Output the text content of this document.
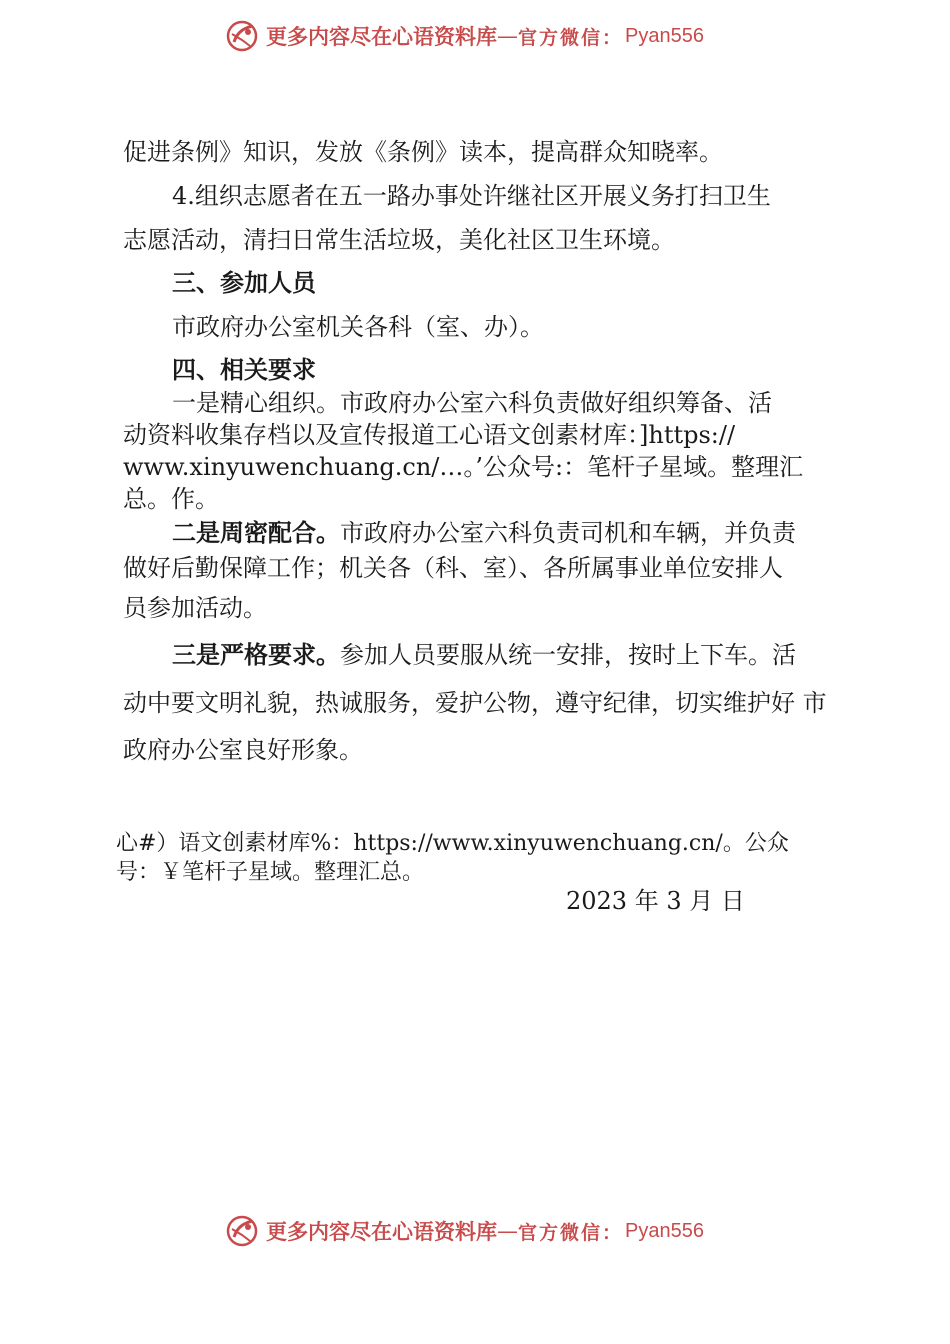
更多内容尽在心语资料库 — 官方微信： Pyan556
促进条例》知识，发放《条例》读本，提高群众知晓率。
4.组织志愿者在五一路办事处许继社区开展义务打扫卫生
志愿活动，清扫日常生活垃圾，美化社区卫生环境。
三、参加人员
市政府办公室机关各科（室、办）。
四、相关要求
一是精心组织。市政府办公室六科负责做好组织筹备、活
动资料收集存档以及宣传报道工心语文创素材库：]https://
www.xinyuwenchuang.cn/…。’公众号:：笔杆子星域。整理汇
总。作。
二是周密配合。市政府办公室六科负责司机和车辆，并负责
做好后勤保障工作；机关各（科、室）、各所属事业单位安排人
员参加活动。
三是严格要求。参加人员要服从统一安排，按时上下车。活
动中要文明礼貌，热诚服务，爱护公物，遵守纪律，切实维护好 市
政府办公室良好形象。
心#）语文创素材库%：https://www.xinyuwenchuang.cn/。公众
号：￥笔杆子星域。整理汇总。
2023 年 3 月 日
更多内容尽在心语资料库 — 官方微信： Pyan556
